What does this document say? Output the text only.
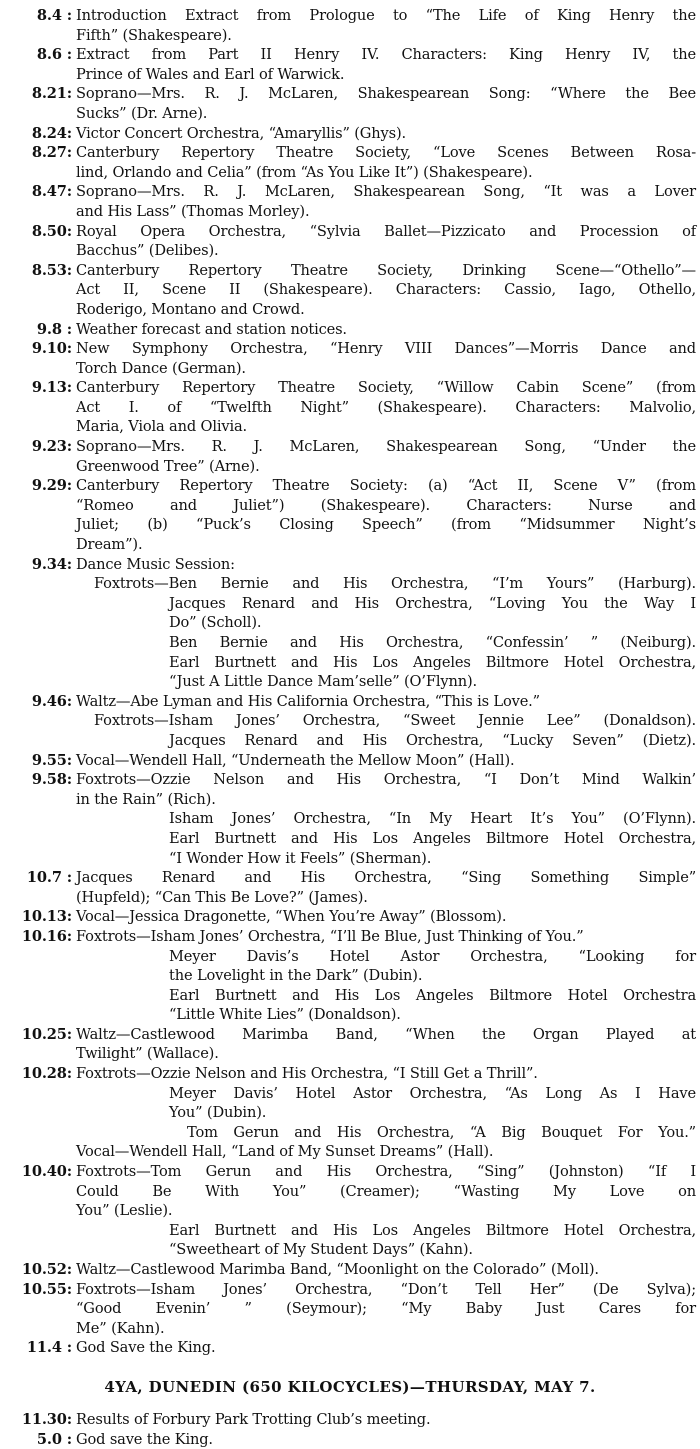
8.4 : Introduction Extract from Prologue to “The Life of King Henry the
Fifth” (Shakespeare).
8.6 : Extract from Part II Henry IV. Characters: King Henry IV, the
Prince of Wales and Earl of Warwick.
8.21: Soprano—Mrs. R. J. McLaren, Shakespearean Song: “Where the Bee
Sucks” (Dr. Arne).
8.24: Victor Concert Orchestra, “Amaryllis” (Ghys).
8.27: Canterbury Repertory Theatre Society, “Love Scenes Between Rosa-
lind, Orlando and Celia” (from “As You Like It”) (Shakespeare).
8.47: Soprano—Mrs. R. J. McLaren, Shakespearean Song, “It was a Lover
and His Lass” (Thomas Morley).
8.50: Royal Opera Orchestra, “Sylvia Ballet—Pizzicato and Procession of
Bacchus” (Delibes).
8.53: Canterbury Repertory Theatre Society, Drinking Scene—“Othello”—
Act II, Scene II (Shakespeare). Characters: Cassio, Iago, Othello,
Roderigo, Montano and Crowd.
9.8 : Weather forecast and station notices.
9.10: New Symphony Orchestra, “Henry VIII Dances”—Morris Dance and
Torch Dance (German).
9.13: Canterbury Repertory Theatre Society, “Willow Cabin Scene” (from
Act I. of “Twelfth Night” (Shakespeare). Characters: Malvolio,
Maria, Viola and Olivia.
9.23: Soprano—Mrs. R. J. McLaren, Shakespearean Song, “Under the
Greenwood Tree” (Arne).
9.29: Canterbury Repertory Theatre Society: (a) “Act II, Scene V” (from
“Romeo and Juliet”) (Shakespeare). Characters: Nurse and
Juliet; (b) “Puck’s Closing Speech” (from “Midsummer Night’s
Dream”).
9.34: Dance Music Session:
Foxtrots—Ben Bernie and His Orchestra, “I’m Yours” (Harburg).
Jacques Renard and His Orchestra, “Loving You the Way I
Do” (Scholl).
Ben Bernie and His Orchestra, “Confessin’ ” (Neiburg).
Earl Burtnett and His Los Angeles Biltmore Hotel Orchestra,
“Just A Little Dance Mam’selle” (O’Flynn).
9.46: Waltz—Abe Lyman and His California Orchestra, “This is Love.”
Foxtrots—Isham Jones’ Orchestra, “Sweet Jennie Lee” (Donaldson).
Jacques Renard and His Orchestra, “Lucky Seven” (Dietz).
9.55: Vocal—Wendell Hall, “Underneath the Mellow Moon” (Hall).
9.58: Foxtrots—Ozzie Nelson and His Orchestra, “I Don’t Mind Walkin’
in the Rain” (Rich).
Isham Jones’ Orchestra, “In My Heart It’s You” (O’Flynn).
Earl Burtnett and His Los Angeles Biltmore Hotel Orchestra,
“I Wonder How it Feels” (Sherman).
10.7 : Jacques Renard and His Orchestra, “Sing Something Simple”
(Hupfeld); “Can This Be Love?” (James).
10.13: Vocal—Jessica Dragonette, “When You’re Away” (Blossom).
10.16: Foxtrots—Isham Jones’ Orchestra, “I’ll Be Blue, Just Thinking of You.”
Meyer Davis’s Hotel Astor Orchestra, “Looking for
the Lovelight in the Dark” (Dubin).
Earl Burtnett and His Los Angeles Biltmore Hotel Orchestra
“Little White Lies” (Donaldson).
10.25: Waltz—Castlewood Marimba Band, “When the Organ Played at
Twilight” (Wallace).
10.28: Foxtrots—Ozzie Nelson and His Orchestra, “I Still Get a Thrill”.
Meyer Davis’ Hotel Astor Orchestra, “As Long As I Have
You” (Dubin).
Tom Gerun and His Orchestra, “A Big Bouquet For You.”
Vocal—Wendell Hall, “Land of My Sunset Dreams” (Hall).
10.40: Foxtrots—Tom Gerun and His Orchestra, “Sing” (Johnston) “If I
Could Be With You” (Creamer); “Wasting My Love on
You” (Leslie).
Earl Burtnett and His Los Angeles Biltmore Hotel Orchestra,
“Sweetheart of My Student Days” (Kahn).
10.52: Waltz—Castlewood Marimba Band, “Moonlight on the Colorado” (Moll).
10.55: Foxtrots—Isham Jones’ Orchestra, “Don’t Tell Her” (De Sylva);
“Good Evenin’ ” (Seymour); “My Baby Just Cares for
Me” (Kahn).
11.4 : God Save the King.
4YA, DUNEDIN (650 KILOCYCLES)—THURSDAY, MAY 7.
11.30: Results of Forbury Park Trotting Club’s meeting.
5.0 : God save the King.
